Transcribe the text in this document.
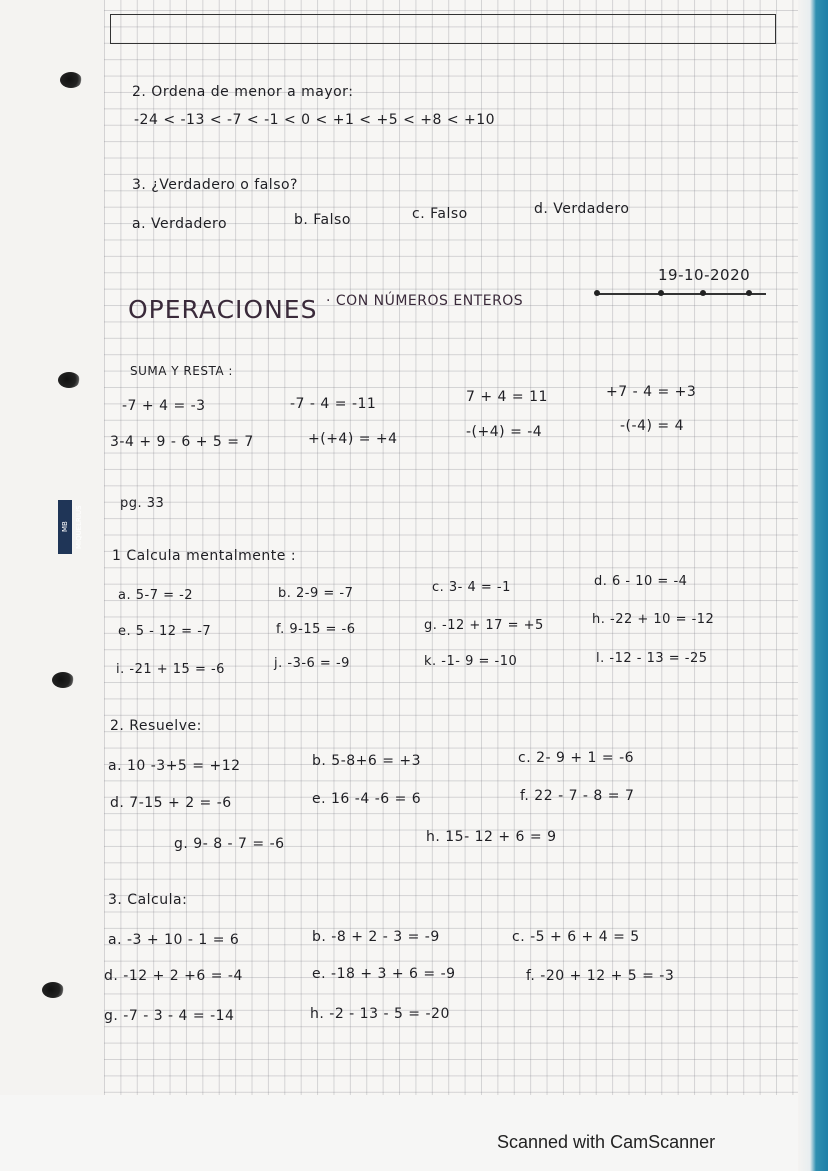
MB MIQUELRIUS
2. Ordena de menor a mayor:
-24 < -13 < -7 < -1 < 0 < +1 < +5 < +8 < +10
3. ¿Verdadero o falso?
a. Verdadero	b. Falso	c. Falso	d. Verdadero
19-10-2020
OPERACIONES · CON NÚMEROS ENTEROS
SUMA Y RESTA :
-7 + 4 = -3	-7 - 4 = -11	7 + 4 = 11	+7 - 4 = +3
3-4 + 9 - 6 + 5 = 7	+(+4) = +4	-(+4) = -4	-(-4) = 4
pg. 33
1 Calcula mentalmente :
a. 5-7 = -2	b. 2-9 = -7	c. 3- 4 = -1	d. 6 - 10 = -4
e. 5 - 12 = -7	f. 9-15 = -6	g. -12 + 17 = +5	h. -22 + 10 = -12
i. -21 + 15 = -6	j. -3-6 = -9	k. -1- 9 = -10	l. -12 - 13 = -25
2. Resuelve:
a. 10 -3+5 = +12	b. 5-8+6 = +3	c. 2- 9 + 1 = -6
d. 7-15 + 2 = -6	e. 16 -4 -6 = 6	f. 22 - 7 - 8 = 7
g. 9- 8 - 7 = -6	h. 15- 12 + 6 = 9
3. Calcula:
a. -3 + 10 - 1 = 6	b. -8 + 2 - 3 = -9	c. -5 + 6 + 4 = 5
d. -12 + 2 +6 = -4	e. -18 + 3 + 6 = -9	f. -20 + 12 + 5 = -3
g. -7 - 3 - 4 = -14	h. -2 - 13 - 5 = -20
Scanned with CamScanner
